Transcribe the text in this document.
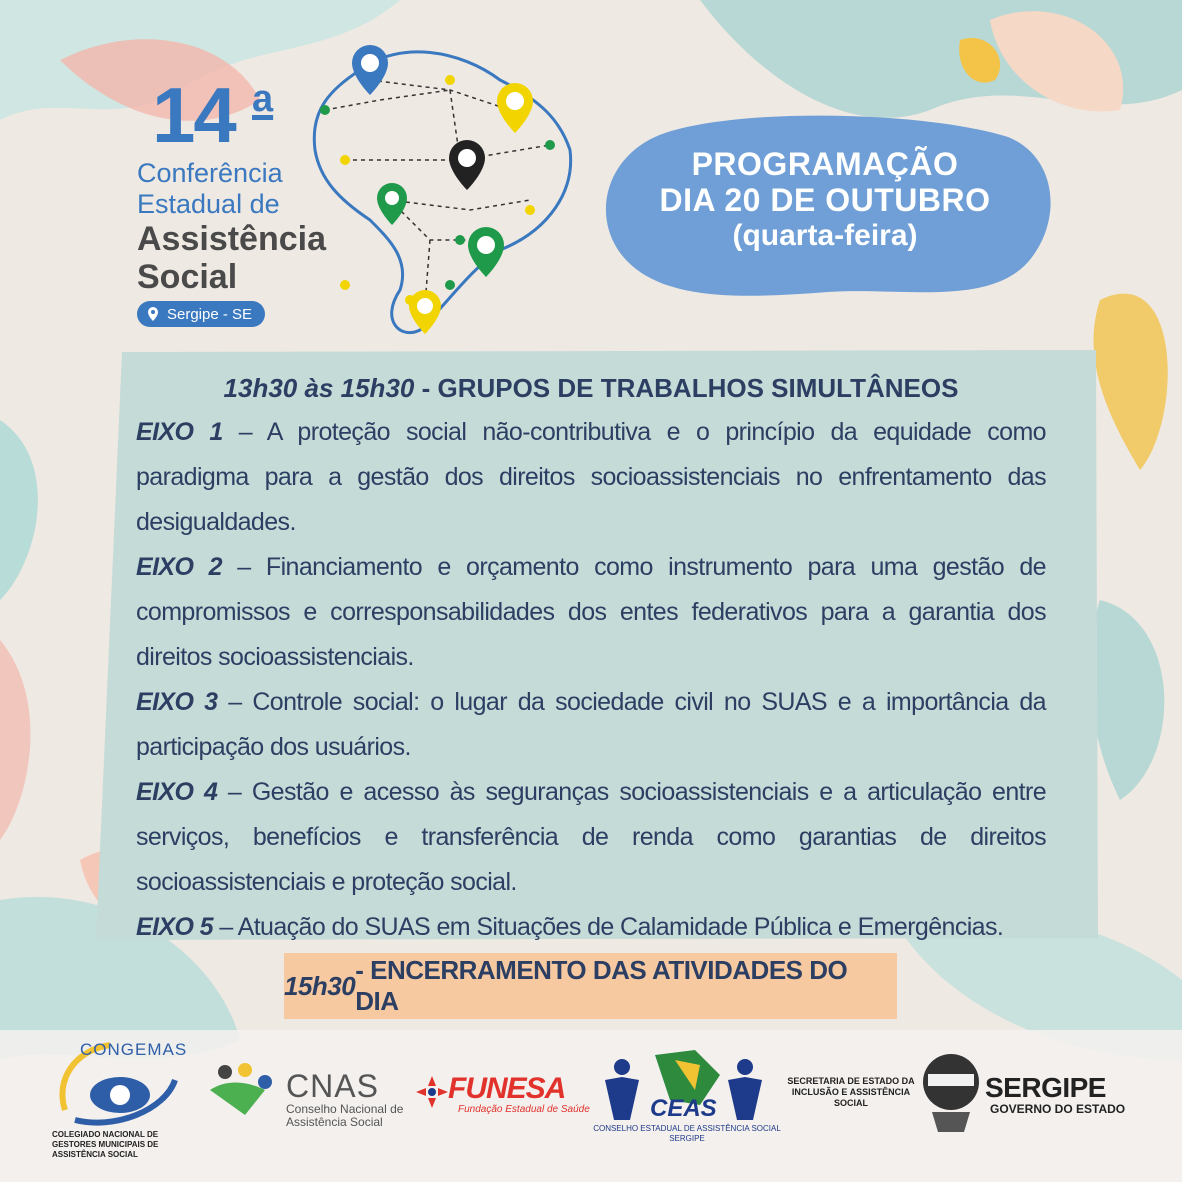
14 a
Conferência
Estadual de
Assistência
Social
Sergipe - SE
PROGRAMAÇÃO
DIA 20 DE OUTUBRO
(quarta-feira)
13h30 às 15h30 - GRUPOS DE TRABALHOS SIMULTÂNEOS
EIXO 1 – A proteção social não-contributiva e o princípio da equidade como paradigma para a gestão dos direitos socioassistenciais no enfrentamento das desigualdades.
EIXO 2 – Financiamento e orçamento como instrumento para uma gestão de compromissos e corresponsabilidades dos entes federativos para a garantia dos direitos socioassistenciais.
EIXO 3 – Controle social: o lugar da sociedade civil no SUAS e a importância da participação dos usuários.
EIXO 4 – Gestão e acesso às seguranças socioassistenciais e a articulação entre serviços, benefícios e transferência de renda como garantias de direitos socioassistenciais e proteção social.
EIXO 5 – Atuação do SUAS em Situações de Calamidade Pública e Emergências.
15h30
- ENCERRAMENTO DAS ATIVIDADES DO DIA
CONGEMAS
COLEGIADO NACIONAL DE GESTORES MUNICIPAIS DE ASSISTÊNCIA SOCIAL
CNAS
Conselho Nacional de Assistência Social
FUNESA
Fundação Estadual de Saúde	CEAS
CONSELHO ESTADUAL DE ASSISTÊNCIA SOCIAL SERGIPE
SECRETARIA DE ESTADO DA INCLUSÃO E ASSISTÊNCIA SOCIAL	SERGIPE
GOVERNO DO ESTADO
